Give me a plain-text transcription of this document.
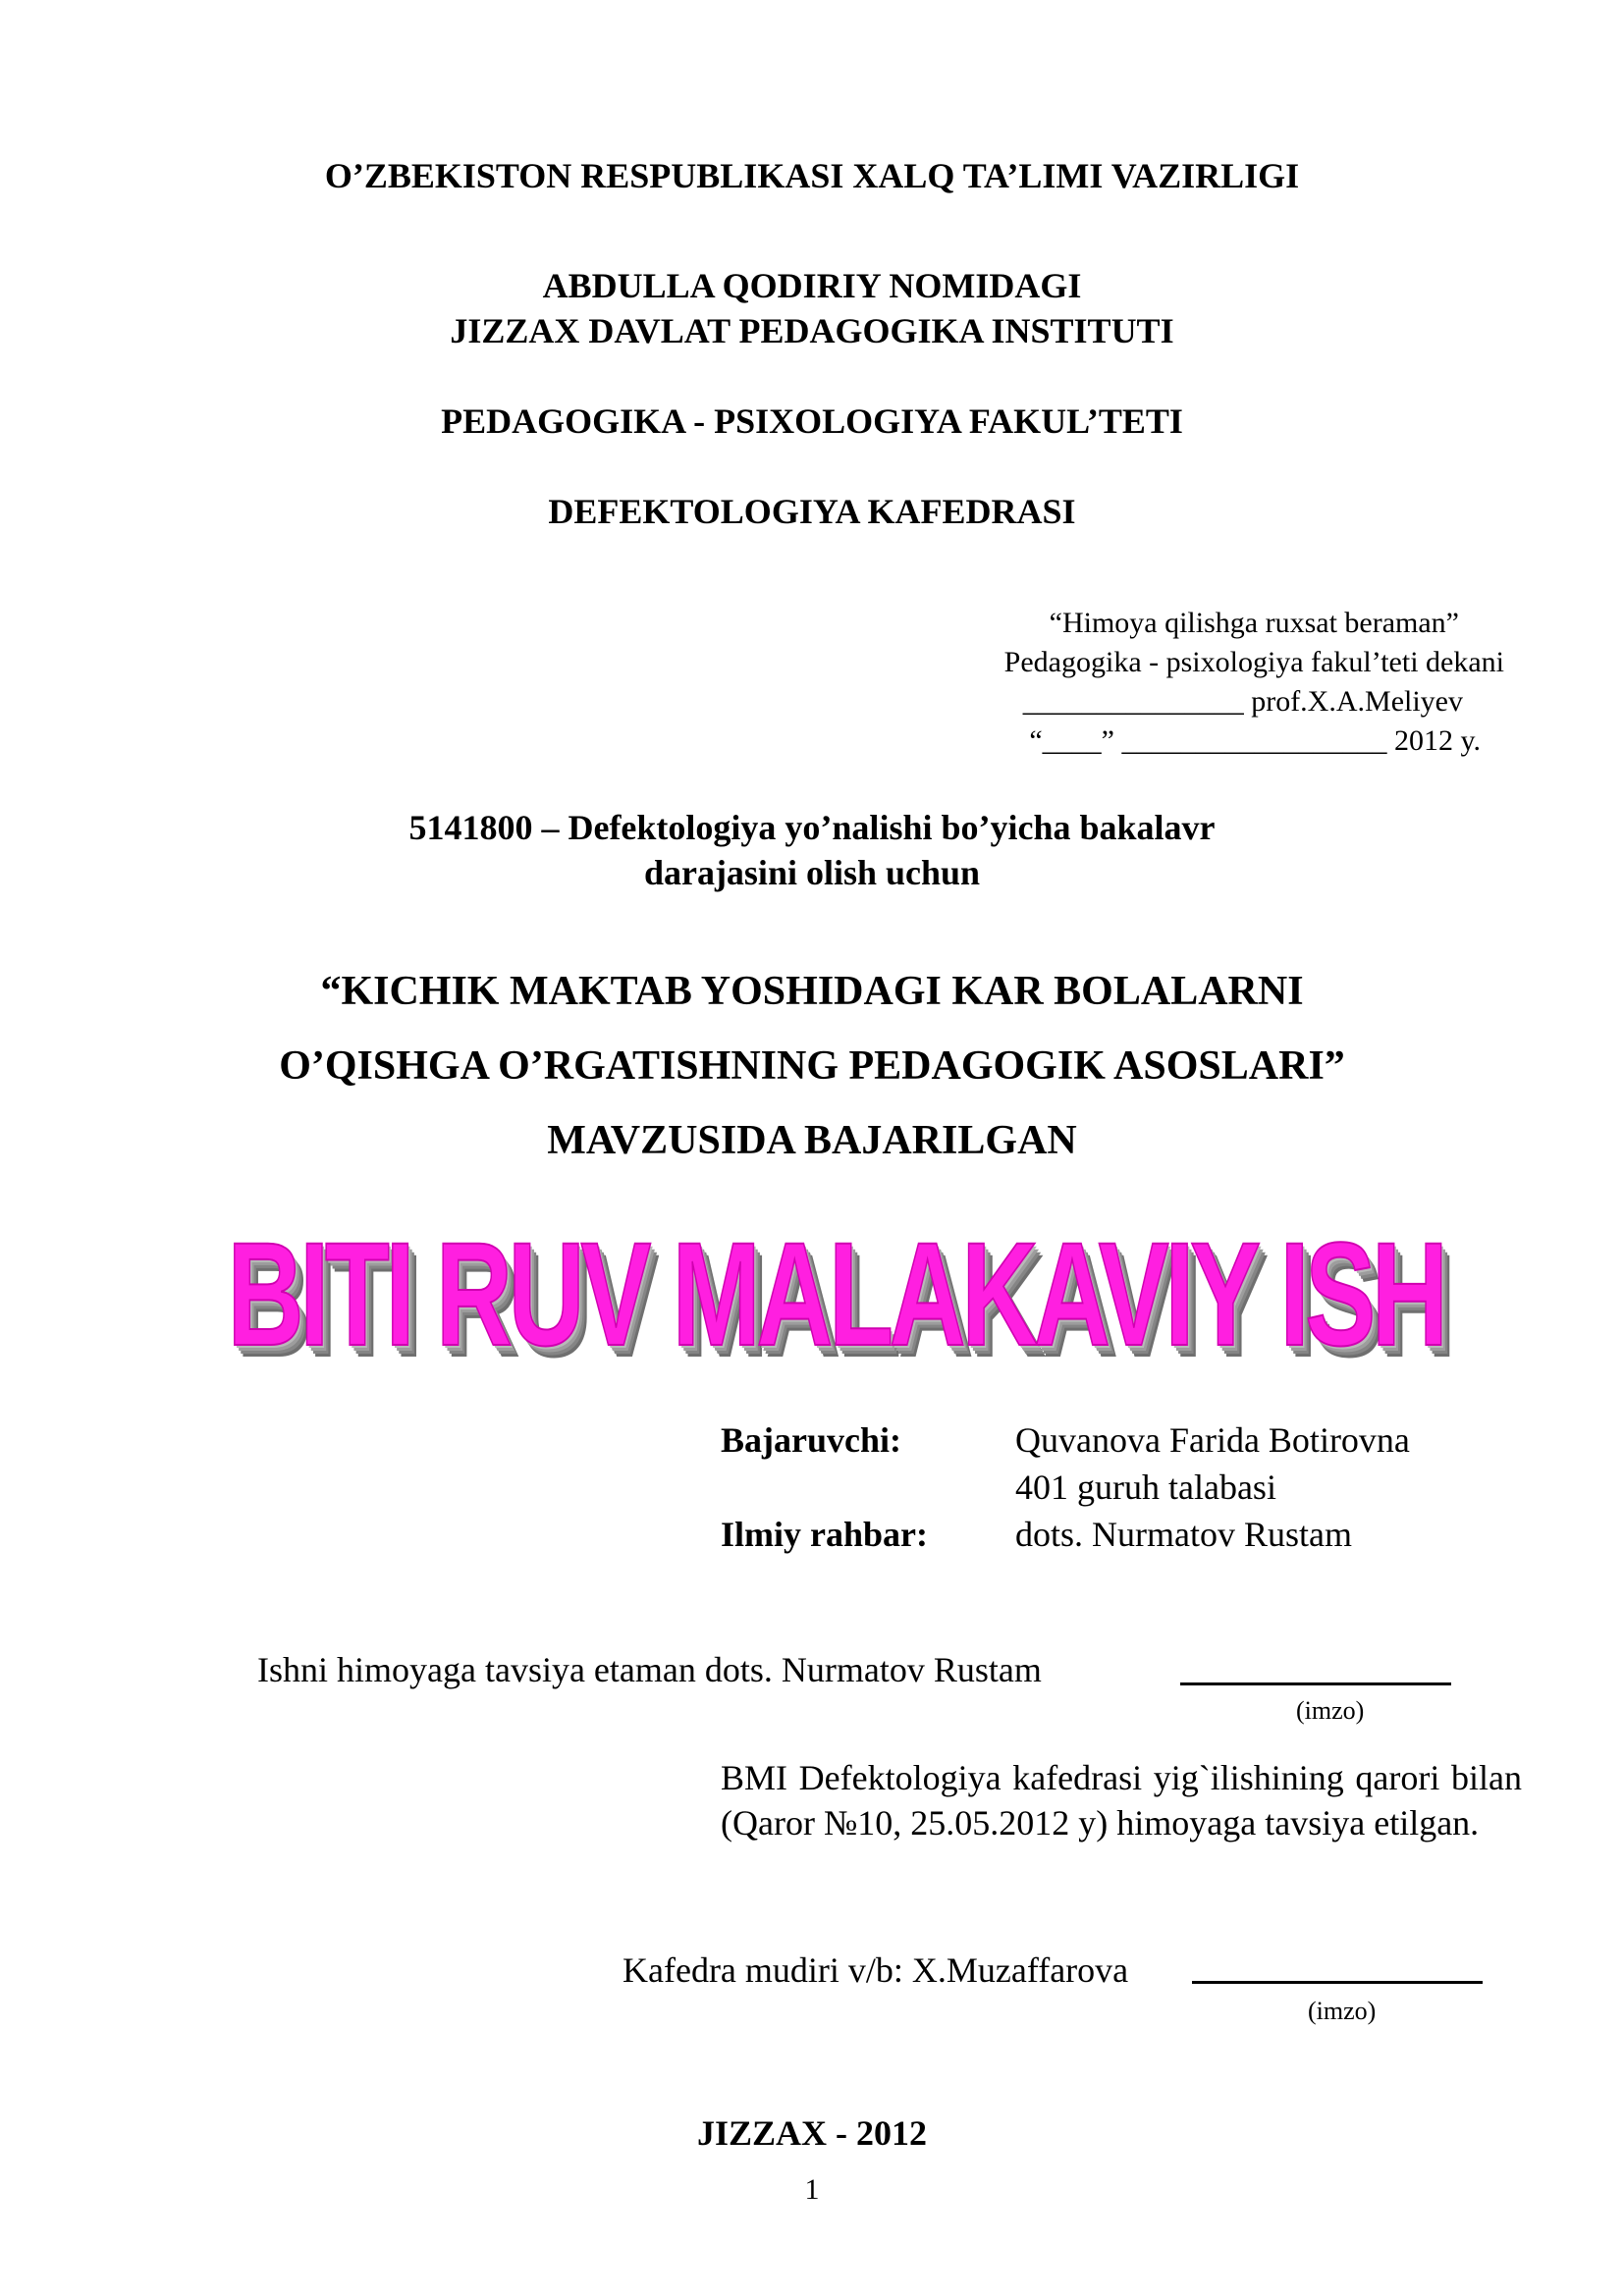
O’ZBEKISTON RESPUBLIKASI XALQ TA’LIMI VAZIRLIGI
ABDULLA QODIRIY NOMIDAGI
JIZZAX DAVLAT PEDAGOGIKA INSTITUTI
PEDAGOGIKA - PSIXOLOGIYA FAKUL’TETI
DEFEKTOLOGIYA KAFEDRASI
“Himoya qilishga ruxsat beraman”
Pedagogika - psixologiya fakul’teti dekani
_______________ prof.X.A.Meliyev
“____” __________________ 2012 y.
5141800 – Defektologiya yo’nalishi bo’yicha bakalavr
darajasini olish uchun
“KICHIK MAKTAB YOSHIDAGI KAR BOLALARNI
O’QISHGA O’RGATISHNING PEDAGOGIK ASOSLARI”
MAVZUSIDA BAJARILGAN
BITI RUV MALAKAVIY ISH
Bajaruvchi:	Quvanova Farida Botirovna
401 guruh talabasi
Ilmiy rahbar: dots. Nurmatov Rustam
Ishni himoyaga tavsiya etaman dots. Nurmatov Rustam
(imzo)
BMI Defektologiya kafedrasi yig`ilishining qarori bilan (Qaror №10, 25.05.2012 y) himoyaga tavsiya etilgan.
Kafedra mudiri v/b: X.Muzaffarova
(imzo)
JIZZAX - 2012
1
